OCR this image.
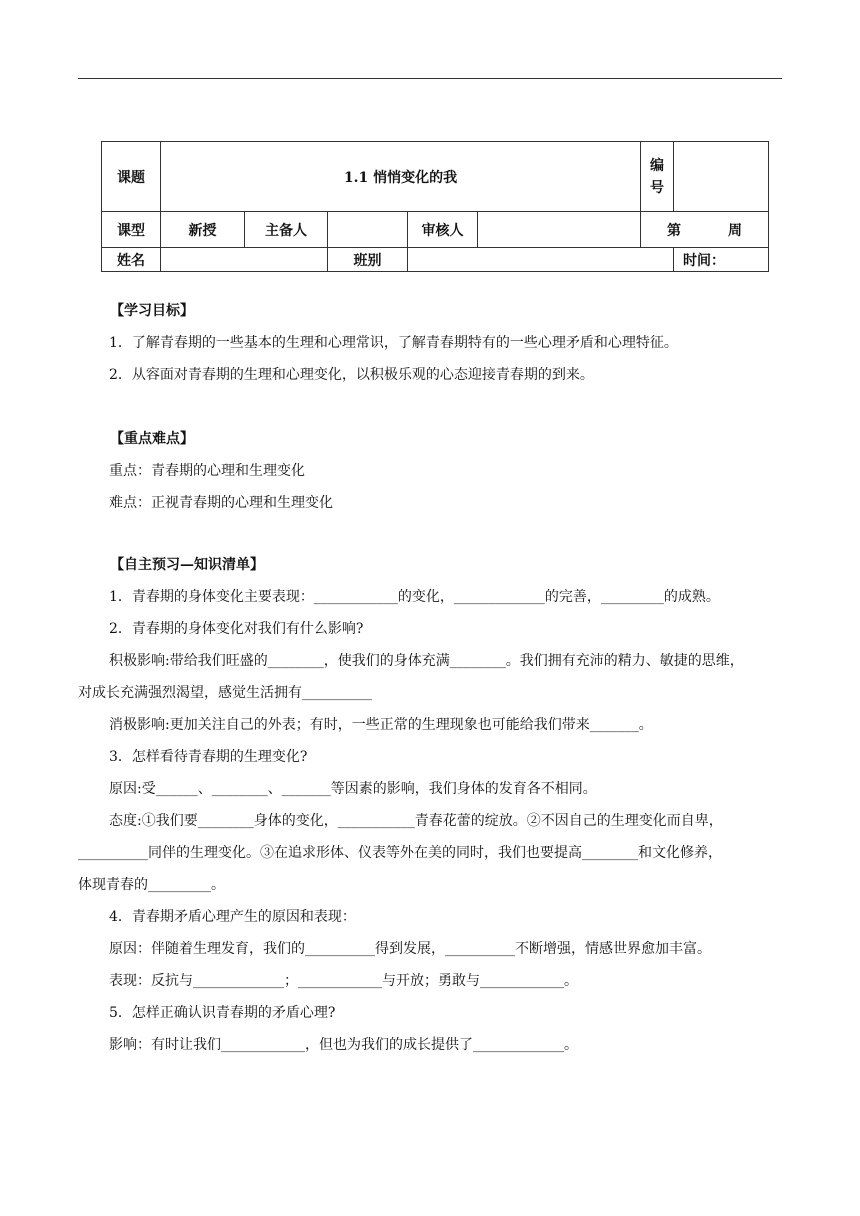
课题	1.1 悄悄变化的我					编
号	

课型	新授	主备人		审核人		第 周	

姓名			班别				时间：

【学习目标】

1．了解青春期的一些基本的生理和心理常识，了解青春期特有的一些心理矛盾和心理特征。

2．从容面对青春期的生理和心理变化，以积极乐观的心态迎接青春期的到来。

【重点难点】

重点：青春期的心理和生理变化

难点：正视青春期的心理和生理变化

【自主预习—知识清单】

1．青春期的身体变化主要表现：____________的变化，_____________的完善，_________的成熟。

2．青春期的身体变化对我们有什么影响?

积极影响:带给我们旺盛的________，使我们的身体充满________。我们拥有充沛的精力、敏捷的思维，

对成长充满强烈渴望，感觉生活拥有__________

消极影响:更加关注自己的外表；有时，一些正常的生理现象也可能给我们带来_______。

3．怎样看待青春期的生理变化?

原因:受______、________、_______等因素的影响，我们身体的发育各不相同。

态度:①我们要________身体的变化，___________青春花蕾的绽放。②不因自己的生理变化而自卑，

__________同伴的生理变化。③在追求形体、仪表等外在美的同时，我们也要提高________和文化修养，

体现青春的_________。

4．青春期矛盾心理产生的原因和表现：

原因：伴随着生理发育，我们的__________得到发展，__________不断增强，情感世界愈加丰富。

表现：反抗与_____________；____________与开放；勇敢与____________。

5．怎样正确认识青春期的矛盾心理?

影响：有时让我们____________，但也为我们的成长提供了_____________。
